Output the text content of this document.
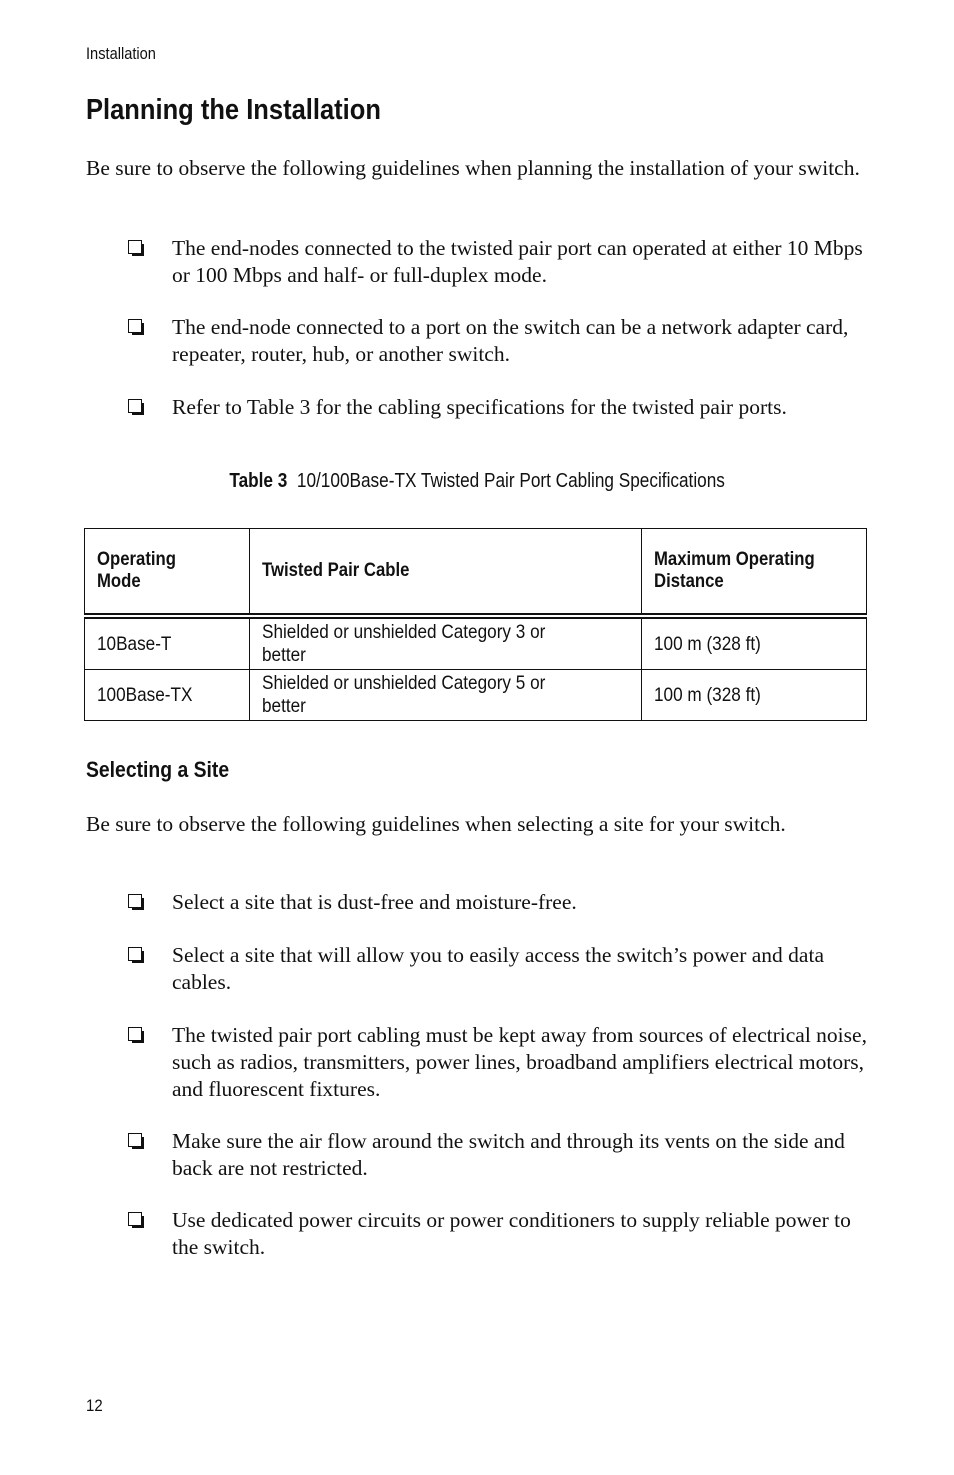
Installation
Planning the Installation

Be sure to observe the following guidelines when planning the installation of your switch.

The end-nodes connected to the twisted pair port can operated at either 10 Mbps or 100 Mbps and half- or full-duplex mode.
The end-node connected to a port on the switch can be a network adapter card, repeater, router, hub, or another switch.
Refer to Table 3 for the cabling specifications for the twisted pair ports.
Table 3 10/100Base-TX Twisted Pair Port Cabling Specifications
Operating Mode	Twisted Pair Cable	Maximum Operating Distance
10Base-T	Shielded or unshielded Category 3 or better	100 m (328 ft)
100Base-TX	Shielded or unshielded Category 5 or better	100 m (328 ft)
Selecting a Site

Be sure to observe the following guidelines when selecting a site for your switch.

Select a site that is dust-free and moisture-free.
Select a site that will allow you to easily access the switch’s power and data cables.
The twisted pair port cabling must be kept away from sources of electrical noise, such as radios, transmitters, power lines, broadband amplifiers electrical motors, and fluorescent fixtures.
Make sure the air flow around the switch and through its vents on the side and back are not restricted.
Use dedicated power circuits or power conditioners to supply reliable power to the switch.
12
